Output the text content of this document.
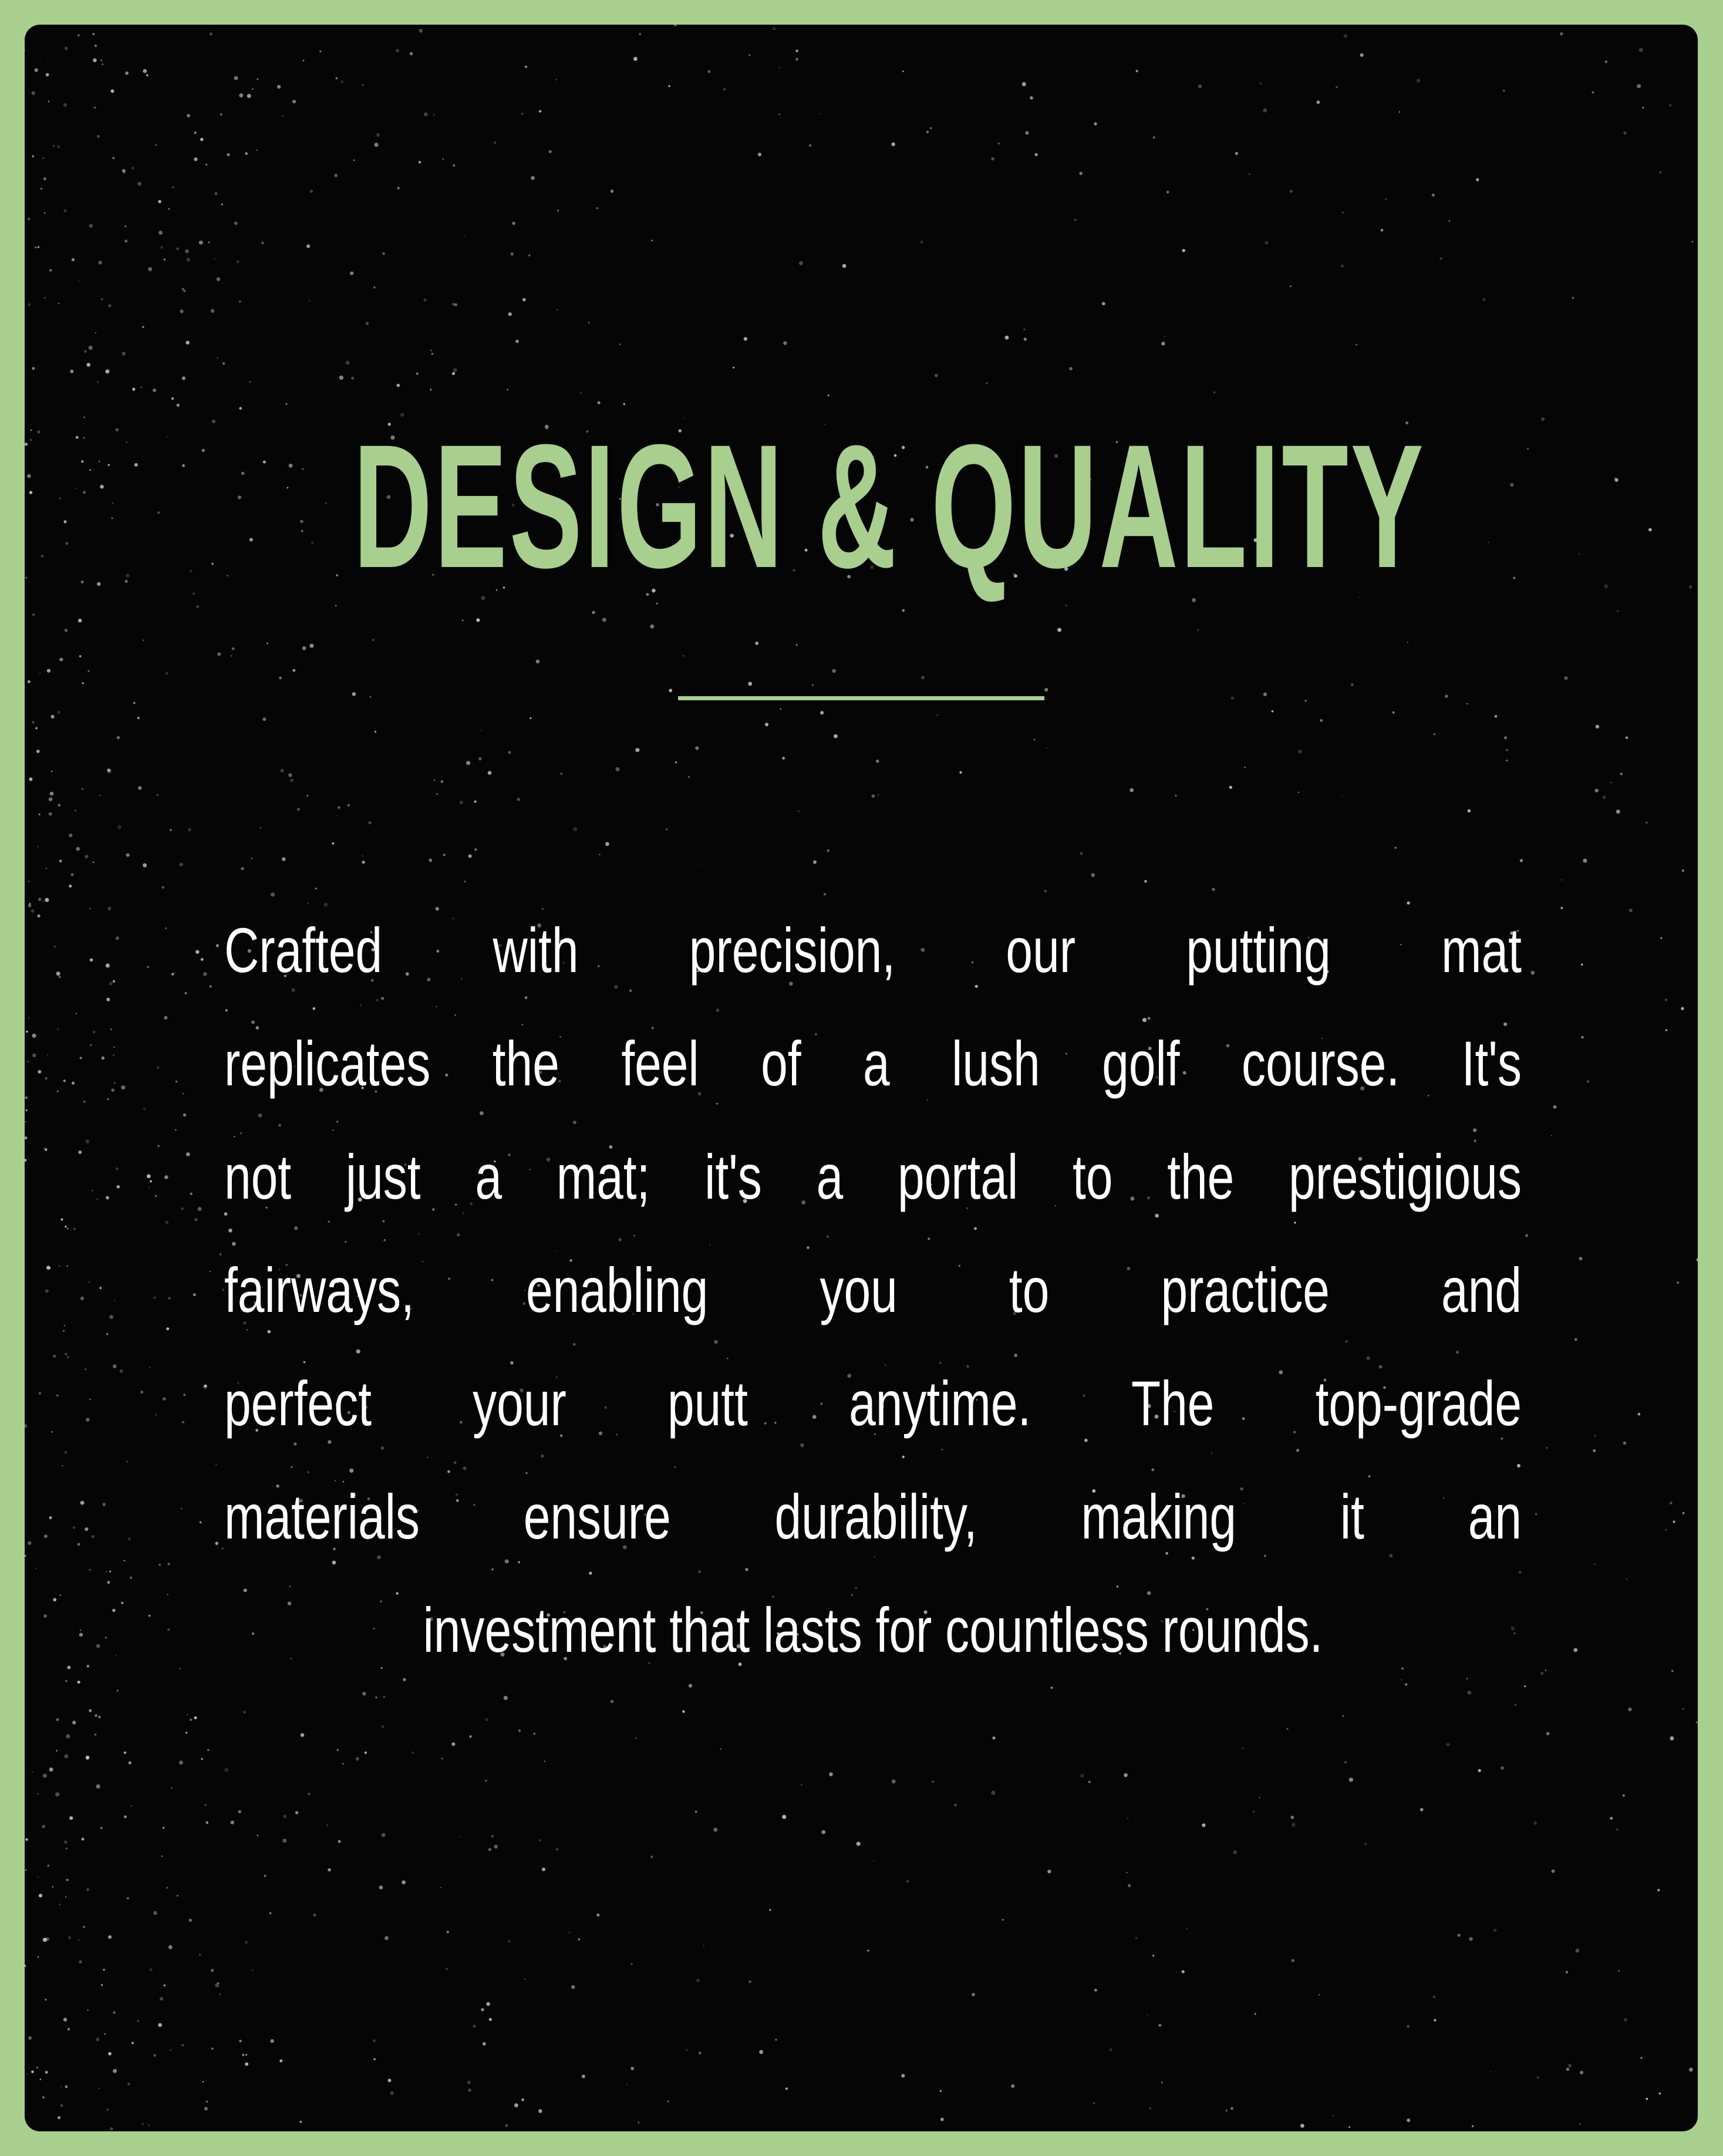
DESIGN & QUALITY
Crafted with precision, our putting mat
replicates the feel of a lush golf course. It's
not just a mat; it's a portal to the prestigious
fairways, enabling you to practice and
perfect your putt anytime. The top-grade
materials ensure durability, making it an
investment that lasts for countless rounds.
